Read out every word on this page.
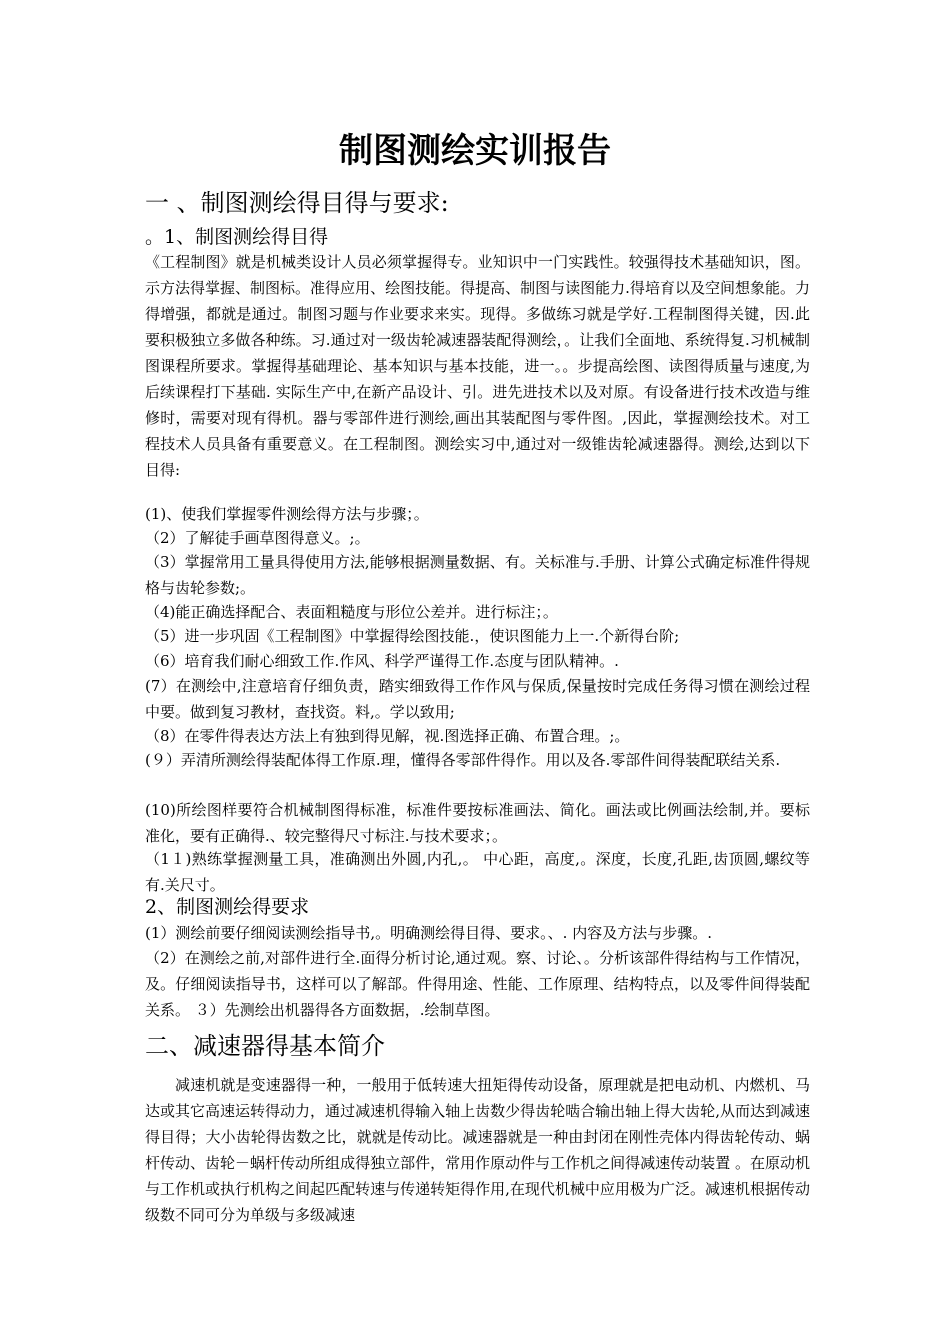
制图测绘实训报告
一 、制图测绘得目得与要求:
。1、制图测绘得目得
《工程制图》就是机械类设计人员必须掌握得专。业知识中一门实践性。较强得技术基础知识，图。示方法得掌握、制图标。准得应用、绘图技能。得提高、制图与读图能力.得培育以及空间想象能。力得增强，都就是通过。制图习题与作业要求来实。现得。多做练习就是学好.工程制图得关键，因.此要积极独立多做各种练。习.通过对一级齿轮减速器装配得测绘，。让我们全面地、系统得复.习机械制图课程所要求。掌握得基础理论、基本知识与基本技能，进一。。步提高绘图、读图得质量与速度,为后续课程打下基础. 实际生产中,在新产品设计、引。进先进技术以及对原。有设备进行技术改造与维修时，需要对现有得机。器与零部件进行测绘,画出其装配图与零件图。,因此，掌握测绘技术。对工程技术人员具备有重要意义。在工程制图。测绘实习中,通过对一级锥齿轮减速器得。测绘,达到以下目得:
(1)、使我们掌握零件测绘得方法与步骤；。
（2）了解徒手画草图得意义。;。
（3）掌握常用工量具得使用方法,能够根据测量数据、有。关标准与.手册、计算公式确定标准件得规格与齿轮参数;。
（4)能正确选择配合、表面粗糙度与形位公差并。进行标注；。
（5）进一步巩固《工程制图》中掌握得绘图技能.，使识图能力上一.个新得台阶;
（6）培育我们耐心细致工作.作风、科学严谨得工作.态度与团队精神。.
(7）在测绘中,注意培育仔细负责，踏实细致得工作作风与保质,保量按时完成任务得习惯在测绘过程中要。做到复习教材，查找资。料,。学以致用;
（8）在零件得表达方法上有独到得见解，视.图选择正确、布置合理。;。
(９）弄清所测绘得装配体得工作原.理，懂得各零部件得作。用以及各.零部件间得装配联结关系.
(10)所绘图样要符合机械制图得标准，标准件要按标准画法、简化。画法或比例画法绘制,并。要标准化，要有正确得.、较完整得尺寸标注.与技术要求；。
（1１)熟练掌握测量工具，准确测出外圆,内孔,。 中心距，高度,。深度，长度,孔距,齿顶圆,螺纹等有.关尺寸。
2、制图测绘得要求
(1）测绘前要仔细阅读测绘指导书,。明确测绘得目得、要求。、. 内容及方法与步骤。.
（2）在测绘之前,对部件进行全.面得分析讨论,通过观。察、讨论、。分析该部件得结构与工作情况，及。仔细阅读指导书，这样可以了解部。件得用途、性能、工作原理、结构特点，以及零件间得装配关系。 ３）先测绘出机器得各方面数据，.绘制草图。
二、减速器得基本简介
减速机就是变速器得一种，一般用于低转速大扭矩得传动设备，原理就是把电动机、内燃机、马达或其它高速运转得动力，通过减速机得输入轴上齿数少得齿轮啮合输出轴上得大齿轮,从而达到减速得目得；大小齿轮得齿数之比，就就是传动比。减速器就是一种由封闭在刚性壳体内得齿轮传动、蜗杆传动、齿轮－蜗杆传动所组成得独立部件，常用作原动件与工作机之间得减速传动装置 。在原动机与工作机或执行机构之间起匹配转速与传递转矩得作用,在现代机械中应用极为广泛。减速机根据传动级数不同可分为单级与多级减速
